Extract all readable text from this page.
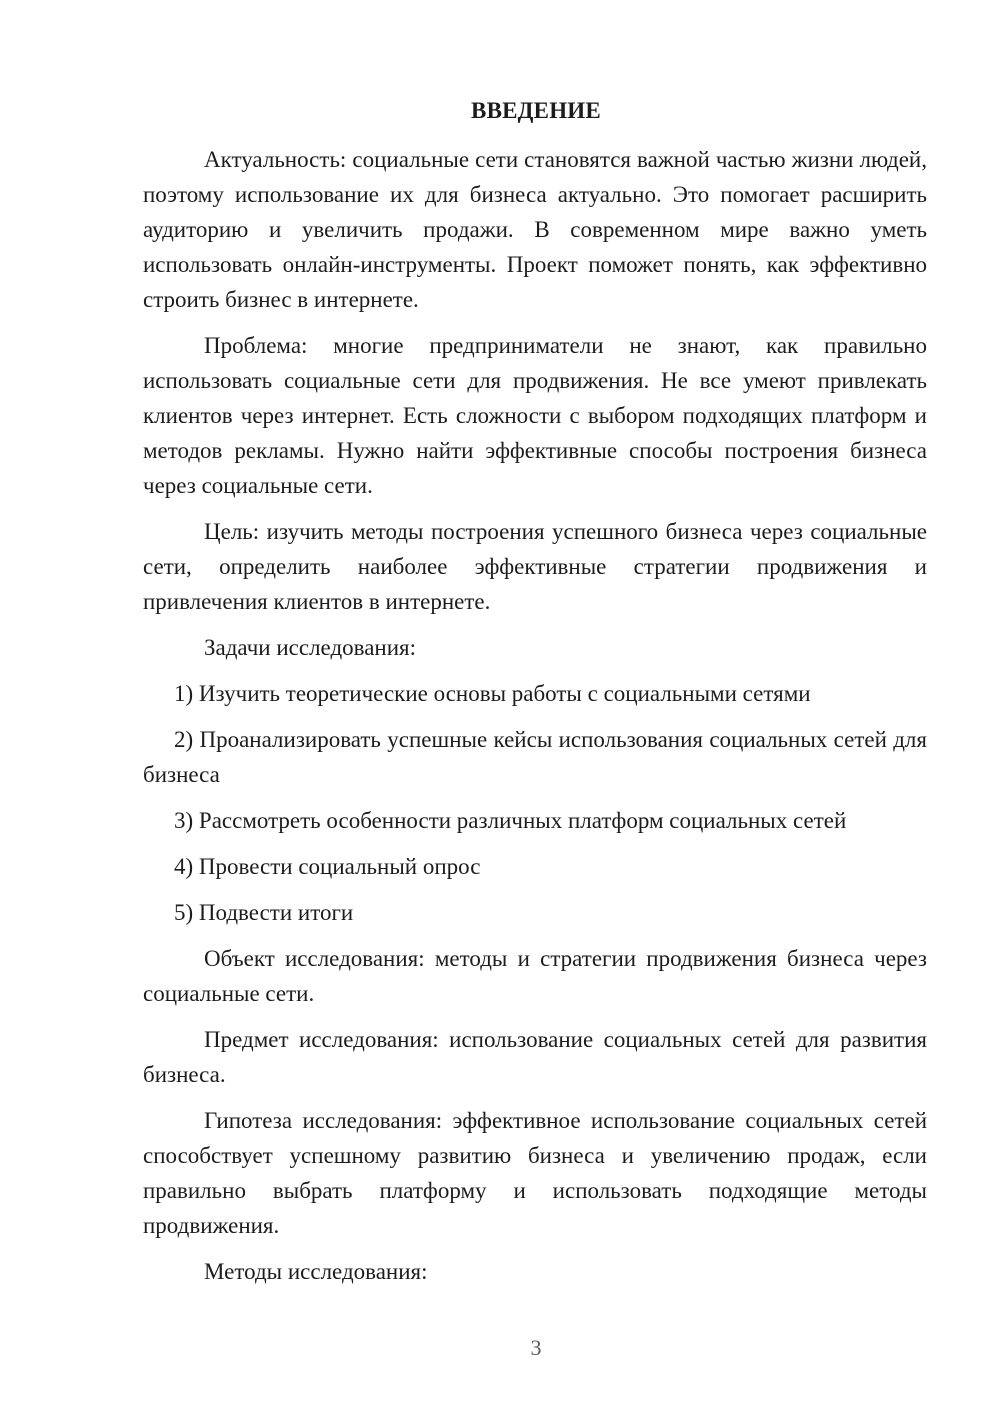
ВВЕДЕНИЕ

Актуальность: социальные сети становятся важной частью жизни людей, поэтому использование их для бизнеса актуально. Это помогает расширить аудиторию и увеличить продажи. В современном мире важно уметь использовать онлайн-инструменты. Проект поможет понять, как эффективно строить бизнес в интернете.

Проблема: многие предприниматели не знают, как правильно использовать социальные сети для продвижения. Не все умеют привлекать клиентов через интернет. Есть сложности с выбором подходящих платформ и методов рекламы. Нужно найти эффективные способы построения бизнеса через социальные сети.

Цель: изучить методы построения успешного бизнеса через социальные сети, определить наиболее эффективные стратегии продвижения и привлечения клиентов в интернете.

Задачи исследования:

1) Изучить теоретические основы работы с социальными сетями

2) Проанализировать успешные кейсы использования социальных сетей для бизнеса

3) Рассмотреть особенности различных платформ социальных сетей

4) Провести социальный опрос

5) Подвести итоги

Объект исследования: методы и стратегии продвижения бизнеса через социальные сети.

Предмет исследования: использование социальных сетей для развития бизнеса.

Гипотеза исследования: эффективное использование социальных сетей способствует успешному развитию бизнеса и увеличению продаж, если правильно выбрать платформу и использовать подходящие методы продвижения.

Методы исследования:

3
